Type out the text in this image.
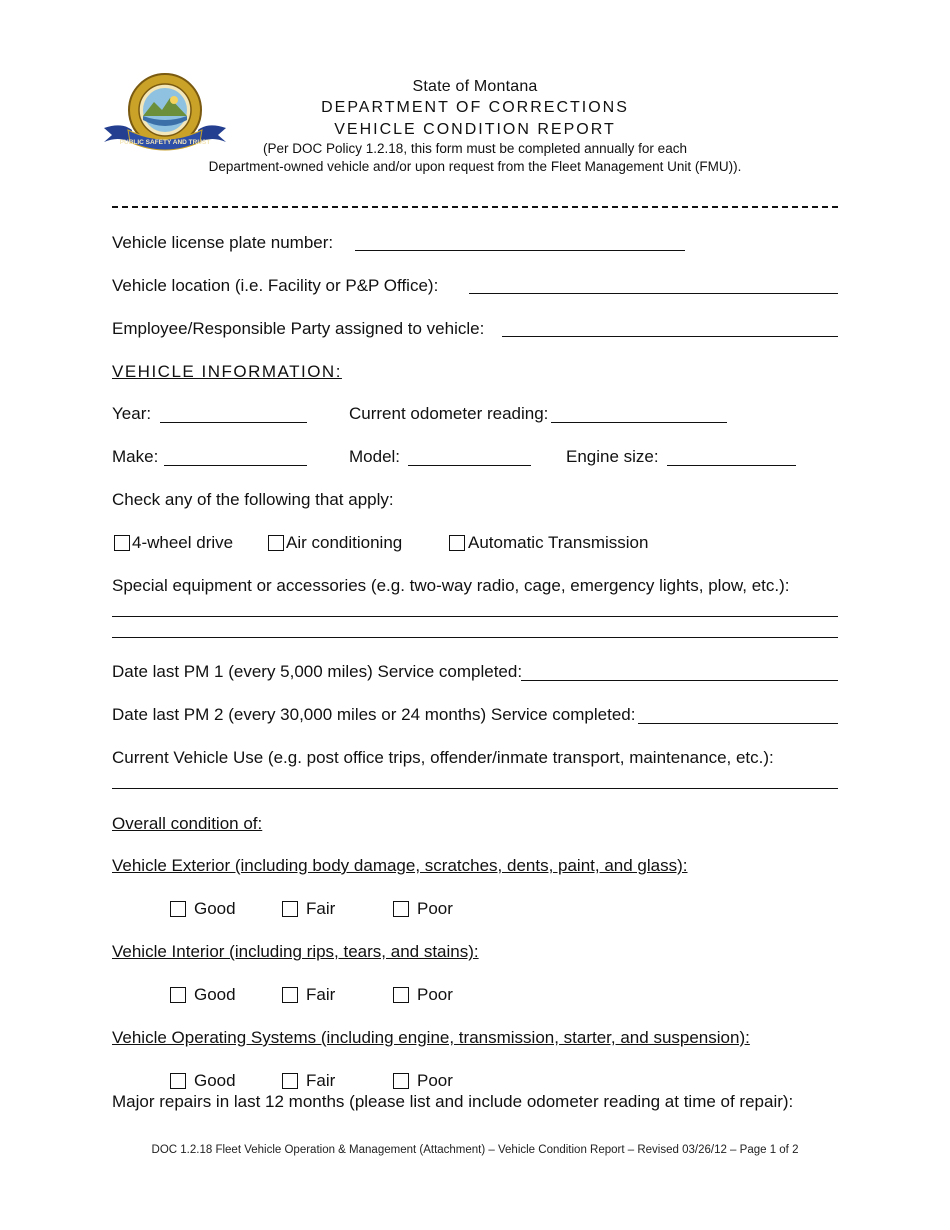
PUBLIC SAFETY AND TRUST
State of Montana
DEPARTMENT OF CORRECTIONS
VEHICLE CONDITION REPORT
(Per DOC Policy 1.2.18, this form must be completed annually for each
Department-owned vehicle and/or upon request from the Fleet Management Unit (FMU)).
Vehicle license plate number:
Vehicle location (i.e. Facility or P&P Office):
Employee/Responsible Party assigned to vehicle:
VEHICLE INFORMATION:
Year:	Current odometer reading:
Make:	Model:	Engine size:
Check any of the following that apply:
4-wheel drive	Air conditioning	Automatic Transmission
Special equipment or accessories (e.g. two-way radio, cage, emergency lights, plow, etc.):
Date last PM 1 (every 5,000 miles) Service completed:
Date last PM 2 (every 30,000 miles or 24 months) Service completed:
Current Vehicle Use (e.g. post office trips, offender/inmate transport, maintenance, etc.):
Overall condition of:
Vehicle Exterior (including body damage, scratches, dents, paint, and glass):
Good	Fair	Poor
Vehicle Interior (including rips, tears, and stains):
Good	Fair	Poor
Vehicle Operating Systems (including engine, transmission, starter, and suspension):
Good	Fair	Poor
Major repairs in last 12 months (please list and include odometer reading at time of repair):
DOC 1.2.18 Fleet Vehicle Operation & Management (Attachment) – Vehicle Condition Report – Revised 03/26/12 – Page 1 of 2
